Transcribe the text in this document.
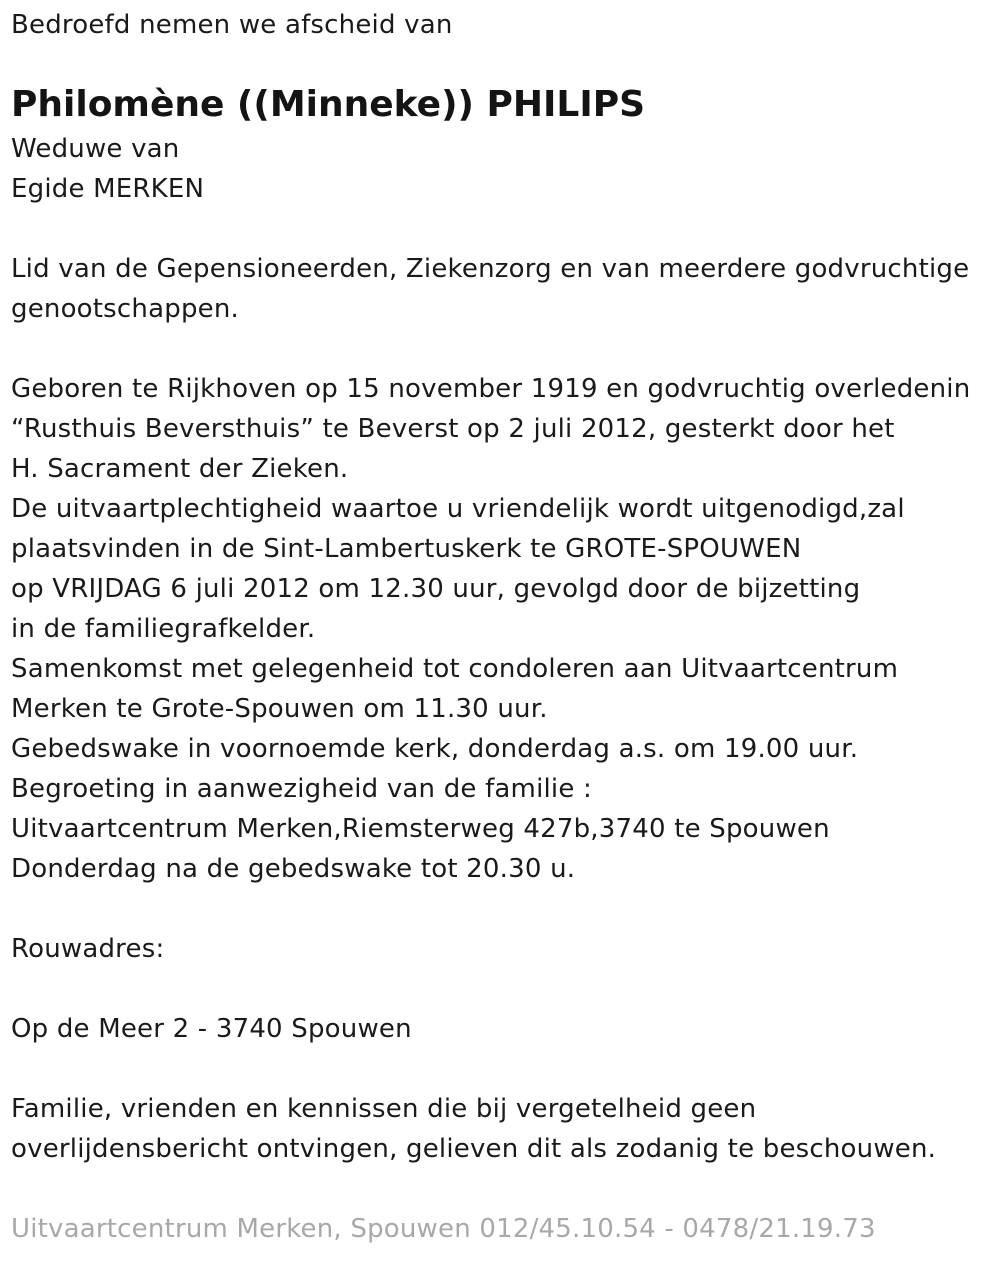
Bedroefd nemen we afscheid van
Philomène ((Minneke)) PHILIPS
Weduwe van
Egide MERKEN
Lid van de Gepensioneerden, Ziekenzorg en van meerdere godvruchtige
genootschappen.
Geboren te Rijkhoven op 15 november 1919 en godvruchtig overledenin
“Rusthuis Beversthuis” te Beverst op 2 juli 2012, gesterkt door het
H. Sacrament der Zieken.
De uitvaartplechtigheid waartoe u vriendelijk wordt uitgenodigd,zal
plaatsvinden in de Sint-Lambertuskerk te GROTE-SPOUWEN
op VRIJDAG 6 juli 2012 om 12.30 uur, gevolgd door de bijzetting
in de familiegrafkelder.
Samenkomst met gelegenheid tot condoleren aan Uitvaartcentrum
Merken te Grote-Spouwen om 11.30 uur.
Gebedswake in voornoemde kerk, donderdag a.s. om 19.00 uur.
Begroeting in aanwezigheid van de familie :
Uitvaartcentrum Merken,Riemsterweg 427b,3740 te Spouwen
Donderdag na de gebedswake tot 20.30 u.
Rouwadres:
Op de Meer 2 - 3740 Spouwen
Familie, vrienden en kennissen die bij vergetelheid geen
overlijdensbericht ontvingen, gelieven dit als zodanig te beschouwen.
Uitvaartcentrum Merken, Spouwen 012/45.10.54 - 0478/21.19.73
